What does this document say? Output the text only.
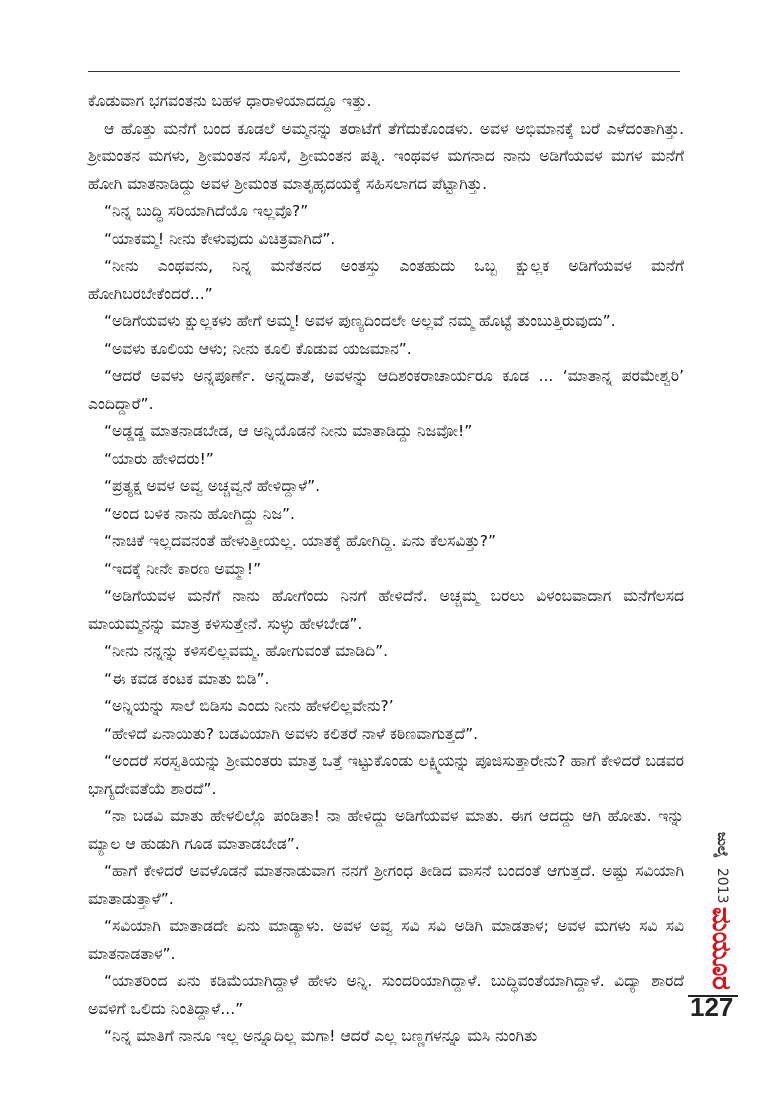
ಕೊಡುವಾಗ ಭಗವಂತನು ಬಹಳ ಧಾರಾಳಿಯಾದದ್ದೂ ಇತ್ತು.

ಆ ಹೊತ್ತು ಮನೆಗೆ ಬಂದ ಕೂಡಲೆ ಅಮ್ಮನನ್ನು ತರಾಟೆಗೆ ತೆಗೆದುಕೊಂಡಳು. ಅವಳ ಅಭಿಮಾನಕ್ಕೆ ಬರೆ ಎಳೆದಂತಾಗಿತ್ತು. ಶ್ರೀಮಂತನ ಮಗಳು, ಶ್ರೀಮಂತನ ಸೊಸೆ, ಶ್ರೀಮಂತನ ಪತ್ನಿ. ಇಂಥವಳ ಮಗನಾದ ನಾನು ಅಡಿಗೆಯವಳ ಮಗಳ ಮನೆಗೆ ಹೋಗಿ ಮಾತನಾಡಿದ್ದು ಅವಳ ಶ್ರೀಮಂತ ಮಾತೃಹೃದಯಕ್ಕೆ ಸಹಿಸಲಾಗದ ಪೆಟ್ಟಾಗಿತ್ತು.

“ನಿನ್ನ ಬುದ್ಧಿ ಸರಿಯಾಗಿದೆಯೊ ಇಲ್ಲವೊ?”

“ಯಾಕಮ್ಮ! ನೀನು ಕೇಳುವುದು ವಿಚಿತ್ರವಾಗಿದೆ”.

“ನೀನು ಎಂಥವನು, ನಿನ್ನ ಮನೆತನದ ಅಂತಸ್ತು ಎಂತಹುದು ಒಬ್ಬ ಕ್ಷುಲ್ಲಕ ಅಡಿಗೆಯವಳ ಮನೆಗೆ ಹೋಗಿಬರಬೇಕೆಂದರೆ...”

“ಅಡಿಗೆಯವಳು ಕ್ಷುಲ್ಲಕಳು ಹೇಗೆ ಅಮ್ಮ! ಅವಳ ಪುಣ್ಯದಿಂದಲೇ ಅಲ್ಲವೆ ನಮ್ಮ ಹೊಟ್ಟೆ ತುಂಬುತ್ತಿರುವುದು”.

“ಅವಳು ಕೂಲಿಯ ಆಳು; ನೀನು ಕೂಲಿ ಕೊಡುವ ಯಜಮಾನ”.

“ಆದರೆ ಅವಳು ಅನ್ನಪೂರ್ಣೆ. ಅನ್ನದಾತೆ, ಅವಳನ್ನು ಆದಿಶಂಕರಾಚಾರ್ಯರೂ ಕೂಡ ... ‘ಮಾತಾನ್ನ ಪರಮೇಶ್ವರಿ’ ಎಂದಿದ್ದಾರೆ”.

“ಅಡ್ಡಡ್ಡ ಮಾತನಾಡಬೇಡ, ಆ ಅನ್ನಿಯೊಡನೆ ನೀನು ಮಾತಾಡಿದ್ದು ನಿಜವೋ!”

“ಯಾರು ಹೇಳಿದರು!”

“ಪ್ರತ್ಯಕ್ಷ ಅವಳ ಅವ್ವ ಅಚ್ಚವ್ವನೆ ಹೇಳಿದ್ದಾಳೆ”.

“ಅಂದ ಬಳಿಕ ನಾನು ಹೋಗಿದ್ದು ನಿಜ”.

“ನಾಚಿಕೆ ಇಲ್ಲದವನಂತೆ ಹೇಳುತ್ತೀಯಲ್ಲ. ಯಾತಕ್ಕೆ ಹೋಗಿದ್ದಿ. ಏನು ಕೆಲಸವಿತ್ತು?”

“ಇದಕ್ಕೆ ನೀನೇ ಕಾರಣ ಅಮ್ಮಾ!”

“ಅಡಿಗೆಯವಳ ಮನೆಗೆ ನಾನು ಹೋಗೆಂದು ನಿನಗೆ ಹೇಳಿದೆನೆ. ಅಚ್ಚಮ್ಮ ಬರಲು ವಿಳಂಬವಾದಾಗ ಮನೆಗೆಲಸದ ಮಾಯಮ್ಮನನ್ನು ಮಾತ್ರ ಕಳಿಸುತ್ತೇನೆ. ಸುಳ್ಳು ಹೇಳಬೇಡ”.

“ನೀನು ನನ್ನನ್ನು ಕಳಿಸಲಿಲ್ಲವಮ್ಮ. ಹೋಗುವಂತೆ ಮಾಡಿದಿ”.

“ಈ ಕವಡ ಕಂಟಕ ಮಾತು ಬಿಡಿ”.

“ಅನ್ನಿಯನ್ನು ಸಾಲೆ ಬಿಡಿಸು ಎಂದು ನೀನು ಹೇಳಲಿಲ್ಲವೇನು?’

“ಹೇಳಿದೆ ಏನಾಯಿತು? ಬಡವಿಯಾಗಿ ಅವಳು ಕಲಿತರೆ ನಾಳೆ ಕಠಿಣವಾಗುತ್ತದೆ”.

“ಅಂದರೆ ಸರಸ್ವತಿಯನ್ನು ಶ್ರೀಮಂತರು ಮಾತ್ರ ಒತ್ತೆ ಇಟ್ಟುಕೊಂಡು ಲಕ್ಷ್ಮಿಯನ್ನು ಪೂಜಿಸುತ್ತಾರೇನು? ಹಾಗೆ ಕೇಳಿದರೆ ಬಡವರ ಭಾಗ್ಯದೇವತೆಯೆ ಶಾರದೆ”.

“ನಾ ಬಡವಿ ಮಾತು ಹೇಳಲಿಲ್ಲೊ ಪಂಡಿತಾ! ನಾ ಹೇಳಿದ್ದು ಅಡಿಗೆಯವಳ ಮಾತು. ಈಗ ಆದದ್ದು ಆಗಿ ಹೋತು. ಇನ್ನು ಮ್ಯಾಲ ಆ ಹುಡುಗಿ ಗೂಡ ಮಾತಾಡಬೇಡ”.

“ಹಾಗೆ ಕೇಳಿದರೆ ಅವಳೊಡನೆ ಮಾತನಾಡುವಾಗ ನನಗೆ ಶ್ರೀಗಂಧ ತೀಡಿದ ವಾಸನೆ ಬಂದಂತೆ ಆಗುತ್ತದೆ. ಅಷ್ಟು ಸವಿಯಾಗಿ ಮಾತಾಡುತ್ತಾಳೆ”.

“ಸವಿಯಾಗಿ ಮಾತಾಡದೇ ಏನು ಮಾಡ್ಯಾಳು. ಅವಳ ಅವ್ವ ಸವಿ ಸವಿ ಅಡಿಗಿ ಮಾಡತಾಳ; ಅವಳ ಮಗಳು ಸವಿ ಸವಿ ಮಾತನಾಡತಾಳ”.

“ಯಾತರಿಂದ ಏನು ಕಡಿಮೆಯಾಗಿದ್ದಾಳೆ ಹೇಳು ಅನ್ನಿ. ಸುಂದರಿಯಾಗಿದ್ದಾಳೆ. ಬುದ್ಧಿವಂತೆಯಾಗಿದ್ದಾಳೆ. ವಿದ್ಯಾ ಶಾರದೆ ಅವಳಿಗೆ ಒಲಿದು ನಿಂತಿದ್ದಾಳೆ...”

“ನಿನ್ನ ಮಾತಿಗೆ ನಾನೂ ಇಲ್ಲ ಅನ್ನೂದಿಲ್ಲ ಮಗಾ! ಆದರೆ ಎಲ್ಲ ಬಣ್ಣಗಳನ್ನೂ ಮಸಿ ನುಂಗಿತು

ಜುಲೈ2013
ಮಯೂರ
127
